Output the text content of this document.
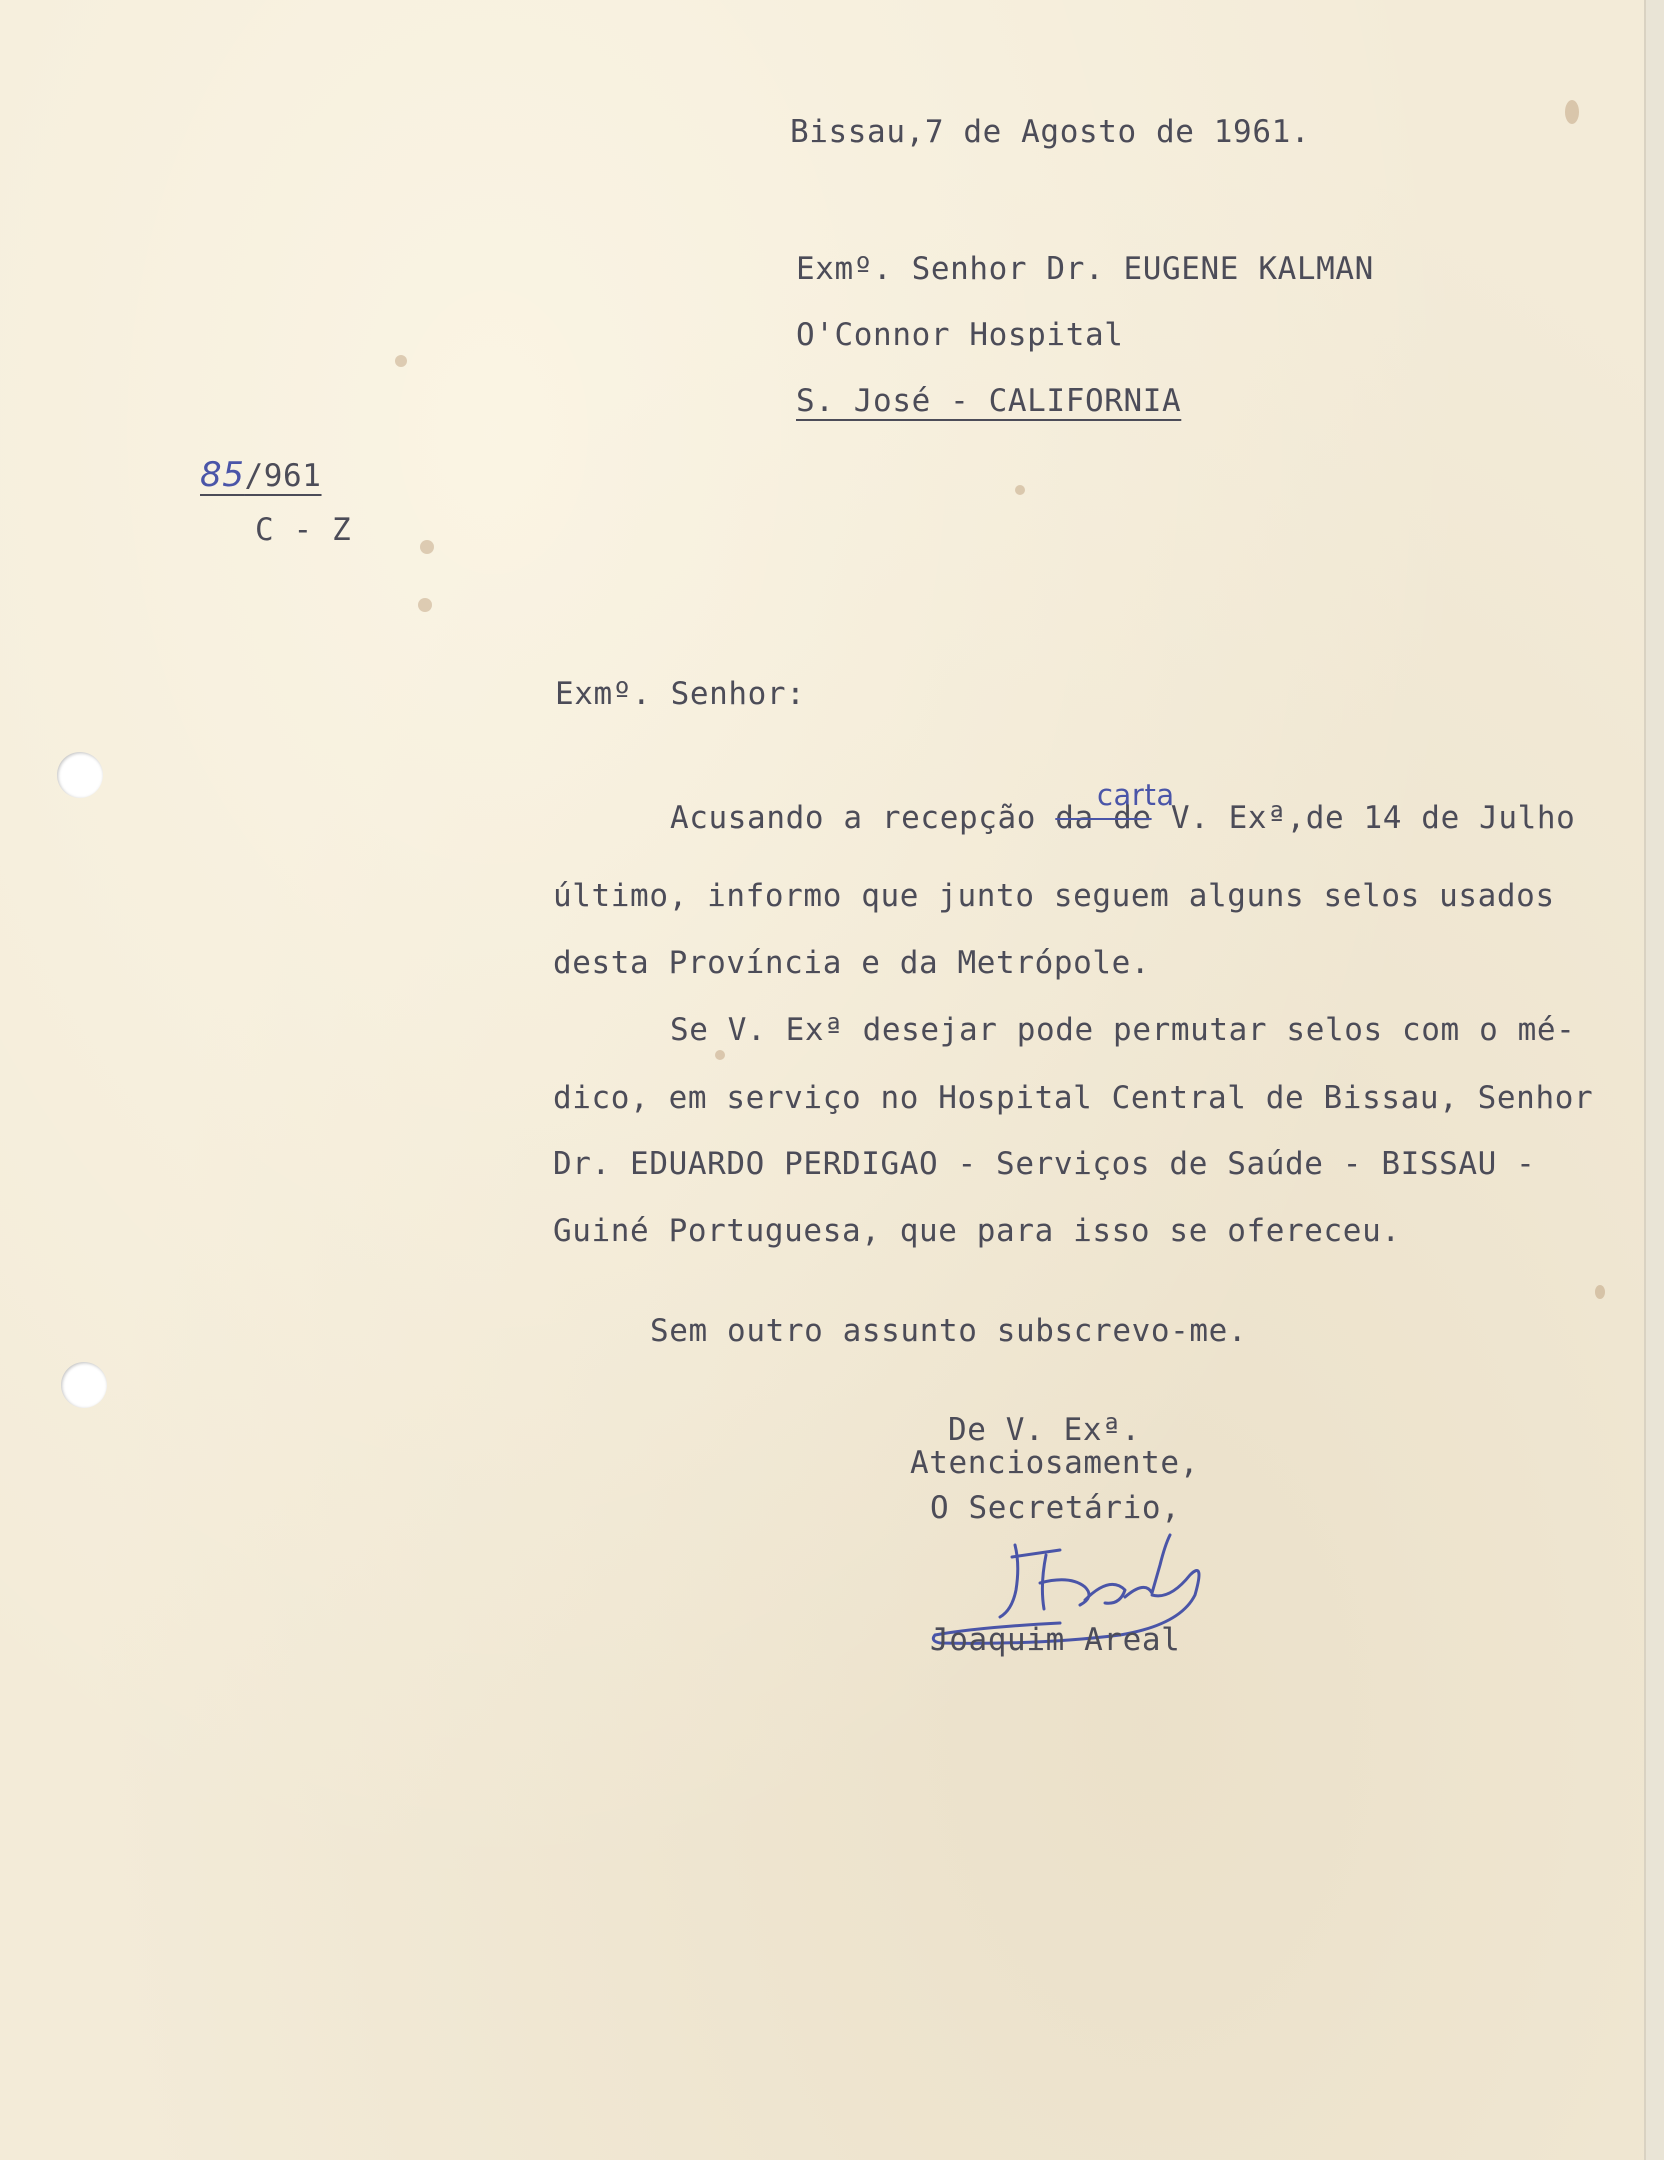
Bissau,7 de Agosto de 1961.
Exmº. Senhor Dr. EUGENE KALMAN
O'Connor Hospital
S. José - CALIFORNIA
85/961
C - Z
Exmº. Senhor:
carta
Acusando a recepção da de V. Exª,de 14 de Julho
último, informo que junto seguem alguns selos usados
desta Província e da Metrópole.
Se V. Exª desejar pode permutar selos com o mé-
dico, em serviço no Hospital Central de Bissau, Senhor
Dr. EDUARDO PERDIGAO - Serviços de Saúde - BISSAU -
Guiné Portuguesa, que para isso se ofereceu.
Sem outro assunto subscrevo-me.
De V. Exª.
Atenciosamente,
O Secretário,
Joaquim Areal
